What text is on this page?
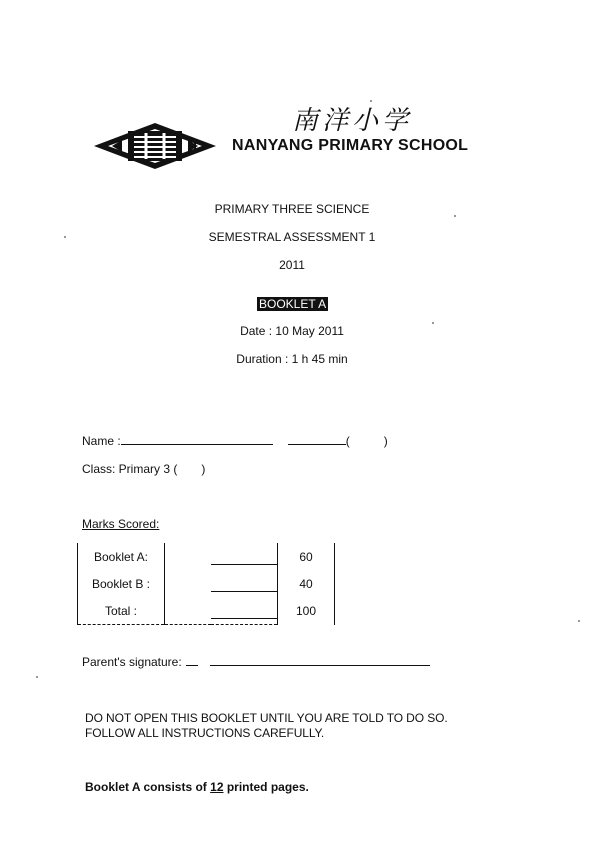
南洋小学
NANYANG PRIMARY SCHOOL
PRIMARY THREE SCIENCE
SEMESTRAL ASSESSMENT 1
2011
BOOKLET A
Date : 10 May 2011
Duration : 1 h 45 min
Name :	(	)
Class: Primary 3 ( )
Marks Scored:
Booklet A:			60
Booklet B :			40
Total :			100
Parent's signature:
DO NOT OPEN THIS BOOKLET UNTIL YOU ARE TOLD TO DO SO.
FOLLOW ALL INSTRUCTIONS CAREFULLY.
Booklet A consists of 12 printed pages.
